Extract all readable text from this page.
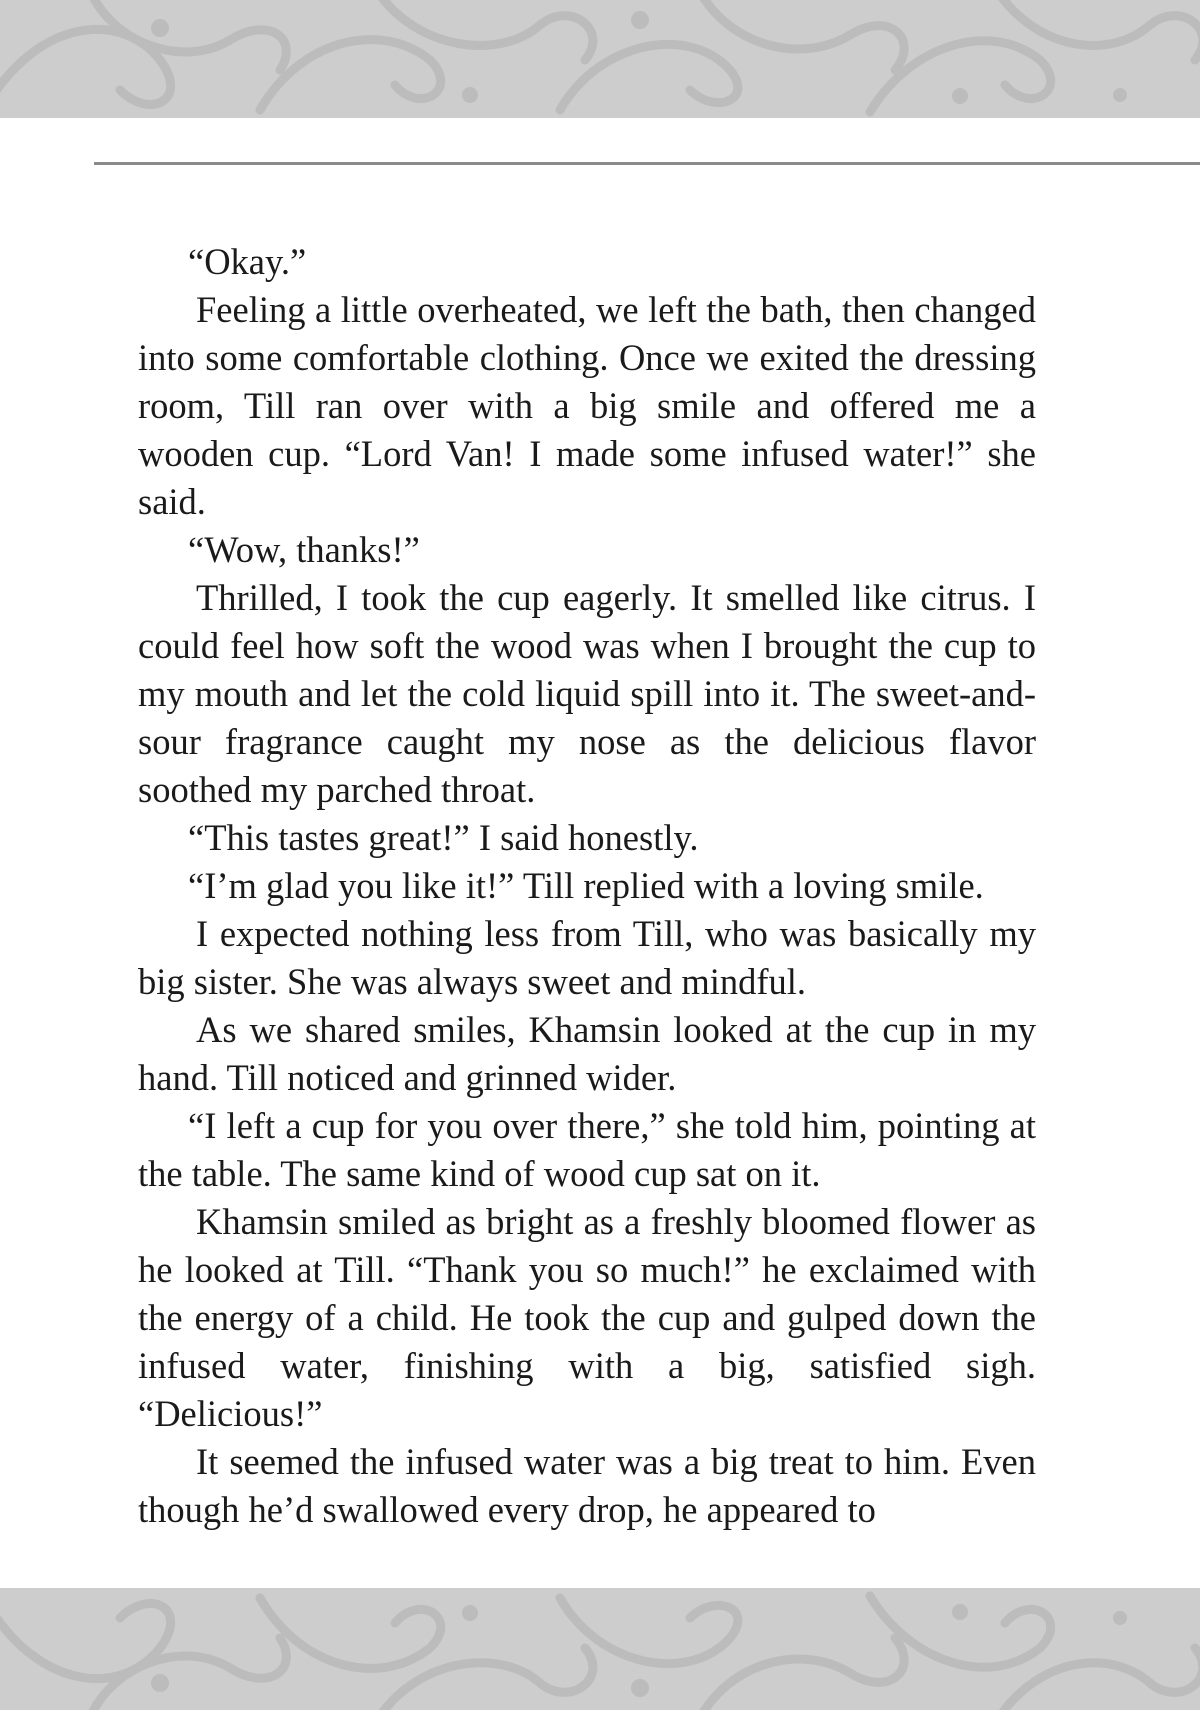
“Okay.”

Feeling a little overheated, we left the bath, then changed into some comfortable clothing. Once we exited the dressing room, Till ran over with a big smile and offered me a wooden cup. “Lord Van! I made some infused water!” she said.

“Wow, thanks!”

Thrilled, I took the cup eagerly. It smelled like citrus. I could feel how soft the wood was when I brought the cup to my mouth and let the cold liquid spill into it. The sweet-and-sour fragrance caught my nose as the delicious flavor soothed my parched throat.

“This tastes great!” I said honestly.

“I’m glad you like it!” Till replied with a loving smile.

I expected nothing less from Till, who was basically my big sister. She was always sweet and mindful.

As we shared smiles, Khamsin looked at the cup in my hand. Till noticed and grinned wider.

“I left a cup for you over there,” she told him, pointing at the table. The same kind of wood cup sat on it.

Khamsin smiled as bright as a freshly bloomed flower as he looked at Till. “Thank you so much!” he exclaimed with the energy of a child. He took the cup and gulped down the infused water, finishing with a big, satisfied sigh. “Delicious!”

It seemed the infused water was a big treat to him. Even though he’d swallowed every drop, he appeared to
